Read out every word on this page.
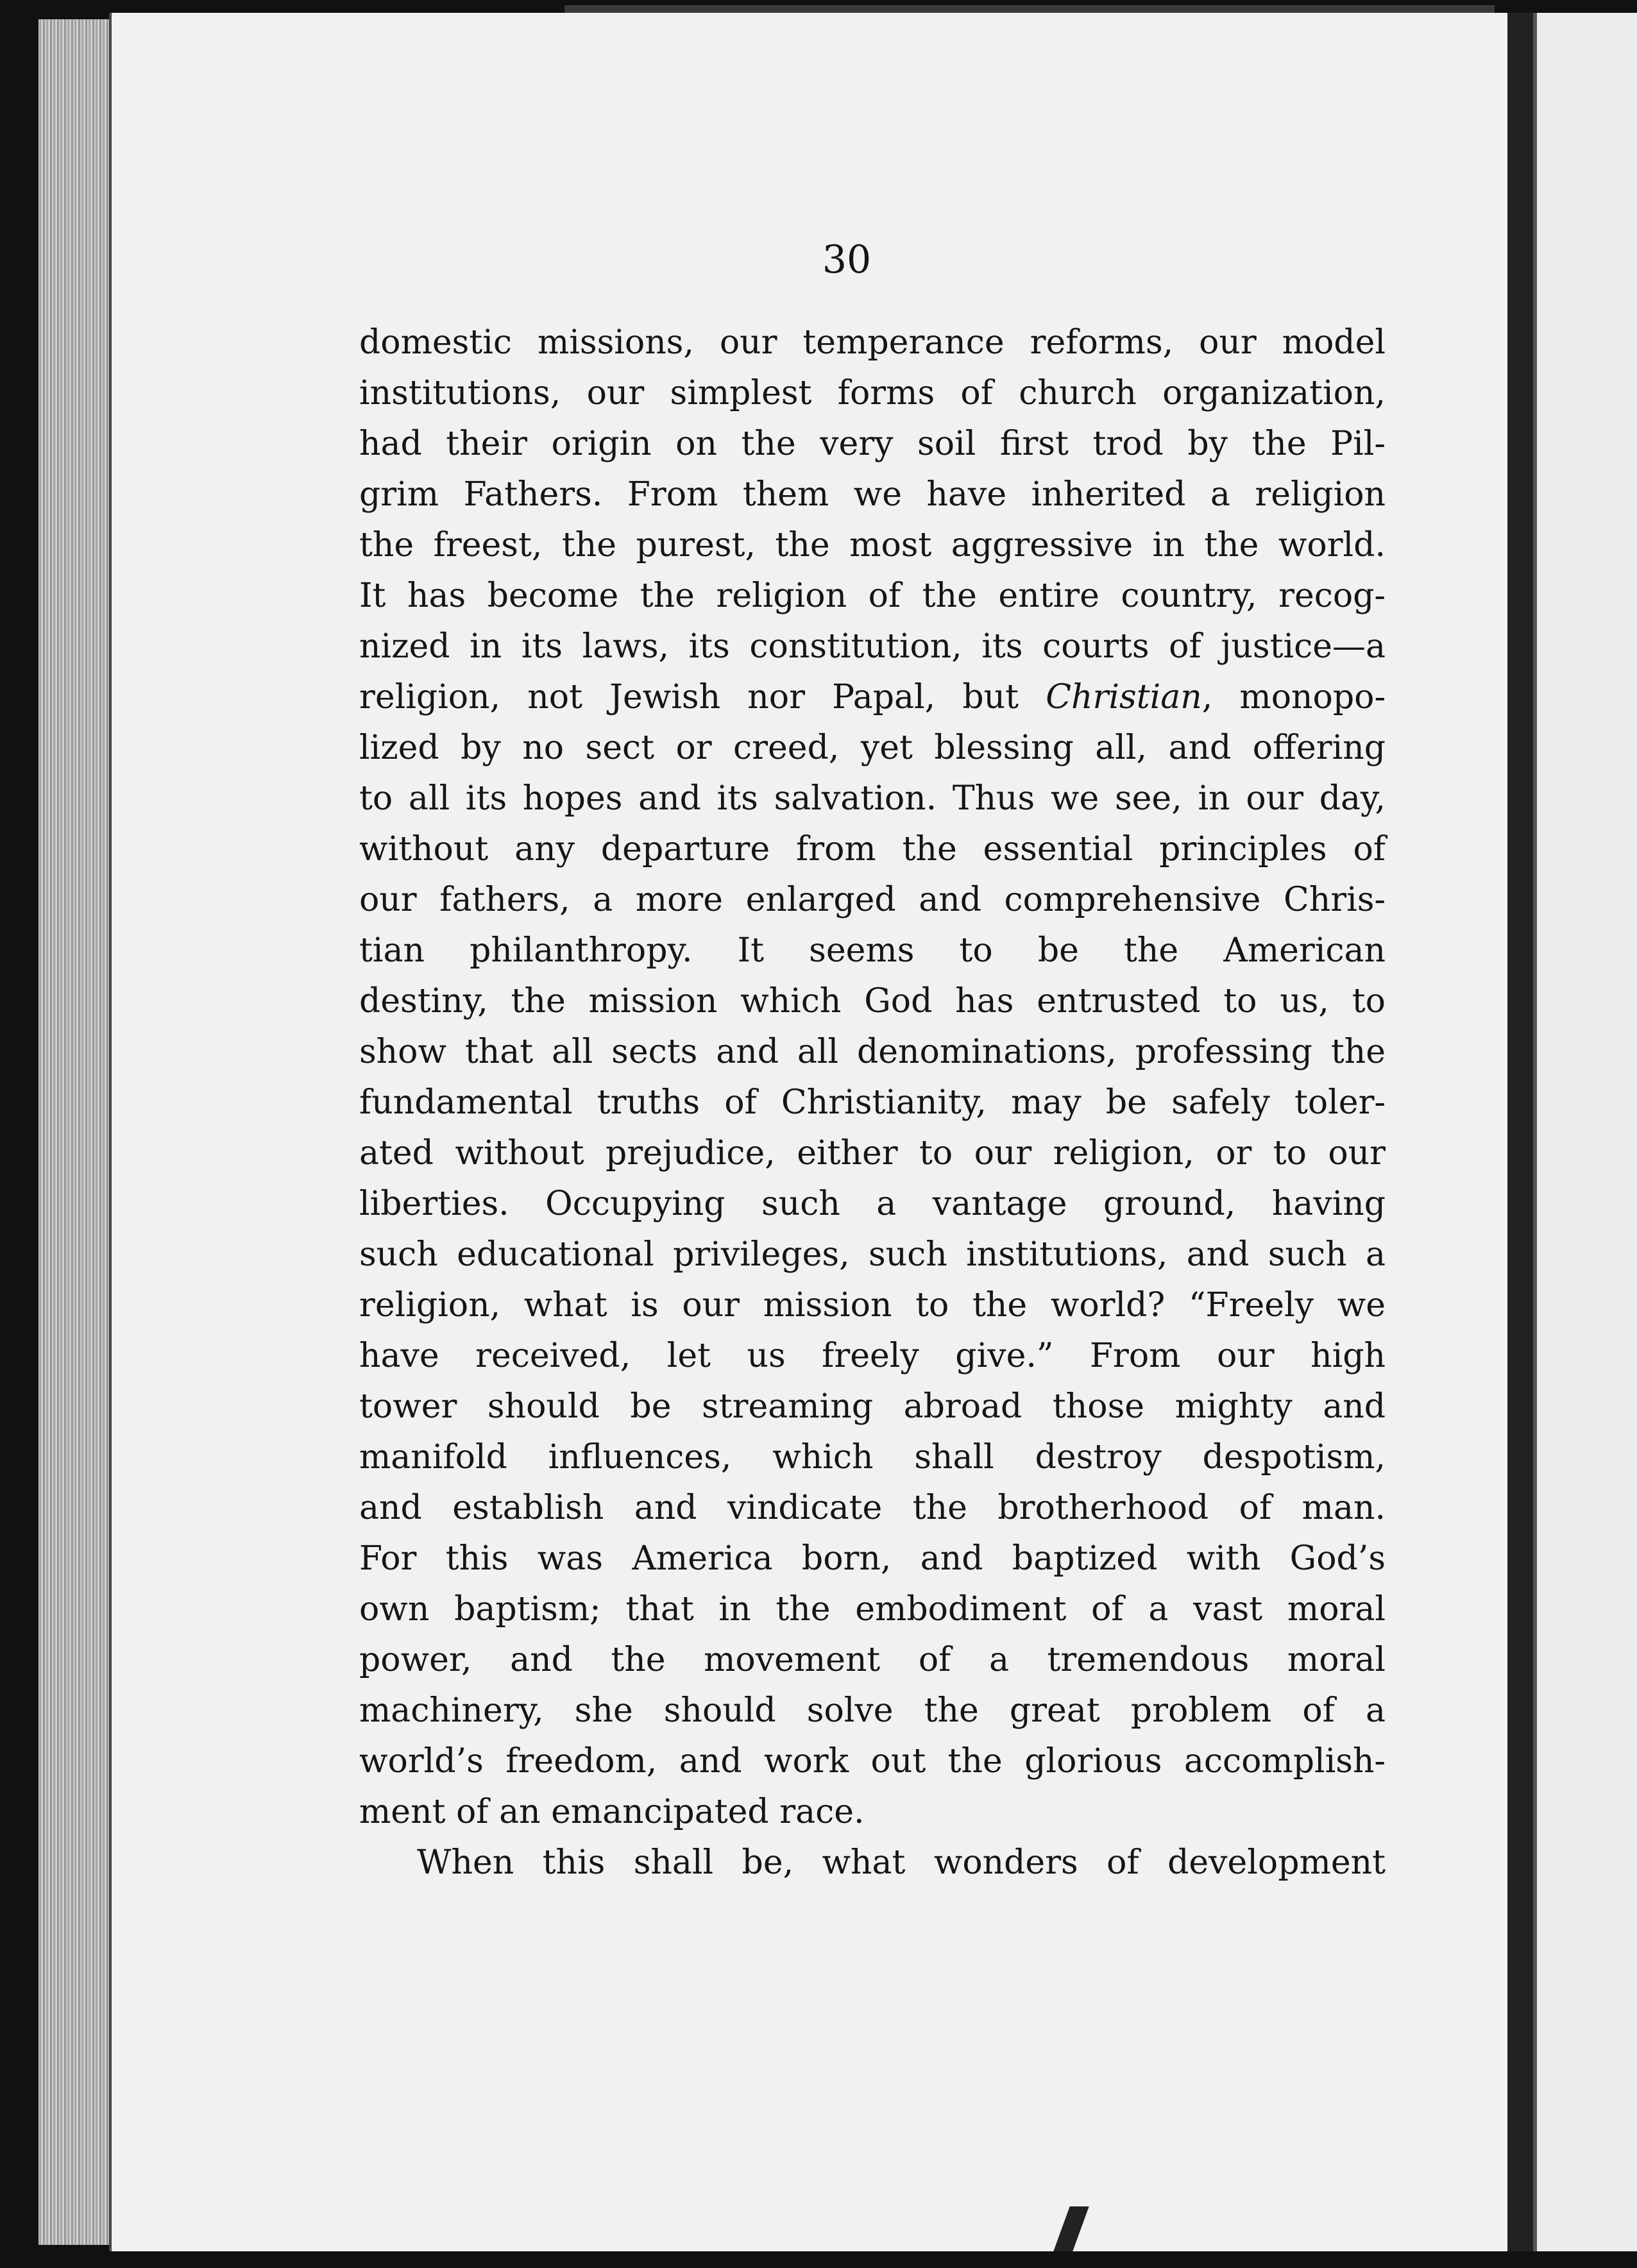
30
domestic missions, our temperance reforms, our model
institutions, our simplest forms of church organization,
had their origin on the very soil first trod by the Pil-
grim Fathers. From them we have inherited a religion
the freest, the purest, the most aggressive in the world.
It has become the religion of the entire country, recog-
nized in its laws, its constitution, its courts of justice—a
religion, not Jewish nor Papal, but Christian, monopo-
lized by no sect or creed, yet blessing all, and offering
to all its hopes and its salvation. Thus we see, in our day,
without any departure from the essential principles of
our fathers, a more enlarged and comprehensive Chris-
tian philanthropy. It seems to be the American
destiny, the mission which God has entrusted to us, to
show that all sects and all denominations, professing the
fundamental truths of Christianity, may be safely toler-
ated without prejudice, either to our religion, or to our
liberties. Occupying such a vantage ground, having
such educational privileges, such institutions, and such a
religion, what is our mission to the world? “Freely we
have received, let us freely give.” From our high
tower should be streaming abroad those mighty and
manifold influences, which shall destroy despotism,
and establish and vindicate the brotherhood of man.
For this was America born, and baptized with God’s
own baptism; that in the embodiment of a vast moral
power, and the movement of a tremendous moral
machinery, she should solve the great problem of a
world’s freedom, and work out the glorious accomplish-
ment of an emancipated race.
When this shall be, what wonders of development
